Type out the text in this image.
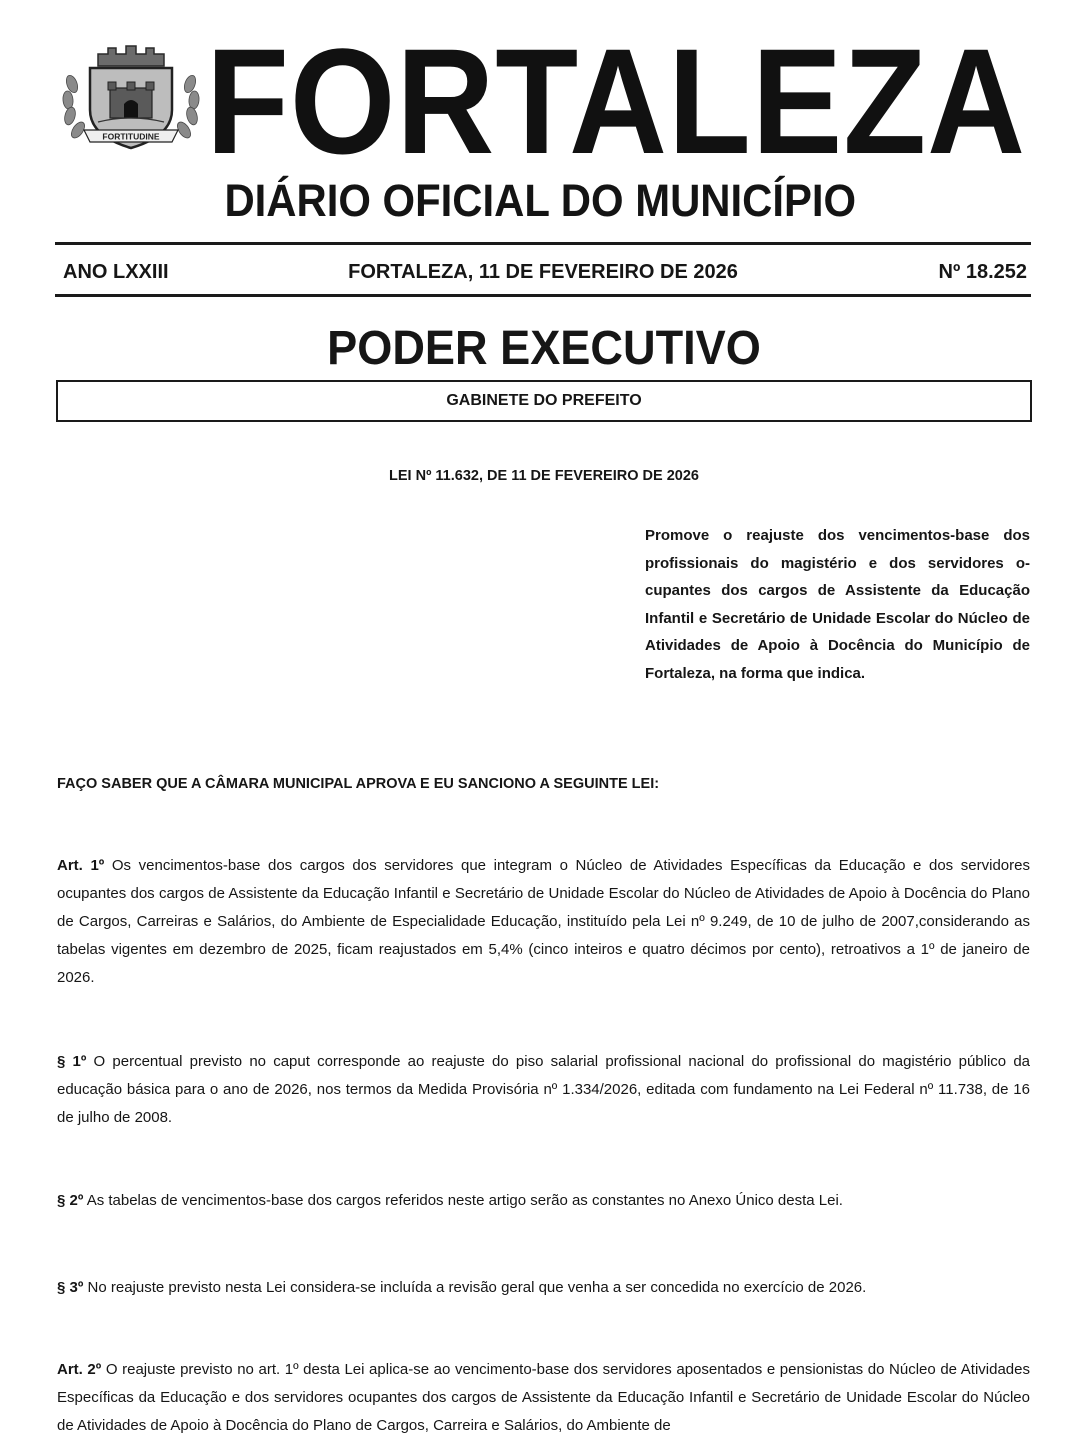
FORTITUDINE FORTALEZA
DIÁRIO OFICIAL DO MUNICÍPIO
ANO LXXIII	FORTALEZA, 11 DE FEVEREIRO DE 2026	Nº 18.252
PODER EXECUTIVO
GABINETE DO PREFEITO
LEI Nº 11.632, DE 11 DE FEVEREIRO DE 2026
Promove o reajuste dos vencimentos-base dos profissionais do magistério e dos servidores o-cupantes dos cargos de Assistente da Educação Infantil e Secretário de Unidade Escolar do Núcleo de Atividades de Apoio à Docência do Município de Fortaleza, na forma que indica.
FAÇO SABER QUE A CÂMARA MUNICIPAL APROVA E EU SANCIONO A SEGUINTE LEI:

Art. 1º Os vencimentos-base dos cargos dos servidores que integram o Núcleo de Atividades Específicas da Educação e dos servidores ocupantes dos cargos de Assistente da Educação Infantil e Secretário de Unidade Escolar do Núcleo de Atividades de Apoio à Docência do Plano de Cargos, Carreiras e Salários, do Ambiente de Especialidade Educação, instituído pela Lei nº 9.249, de 10 de julho de 2007,considerando as tabelas vigentes em dezembro de 2025, ficam reajustados em 5,4% (cinco inteiros e quatro décimos por cento), retroativos a 1º de janeiro de 2026.

§ 1º O percentual previsto no caput corresponde ao reajuste do piso salarial profissional nacional do profissional do magistério público da educação básica para o ano de 2026, nos termos da Medida Provisória nº 1.334/2026, editada com fundamento na Lei Federal nº 11.738, de 16 de julho de 2008.

§ 2º As tabelas de vencimentos-base dos cargos referidos neste artigo serão as constantes no Anexo Único desta Lei.

§ 3º No reajuste previsto nesta Lei considera-se incluída a revisão geral que venha a ser concedida no exercício de 2026.

Art. 2º O reajuste previsto no art. 1º desta Lei aplica-se ao vencimento-base dos servidores aposentados e pensionistas do Núcleo de Atividades Específicas da Educação e dos servidores ocupantes dos cargos de Assistente da Educação Infantil e Secretário de Unidade Escolar do Núcleo de Atividades de Apoio à Docência do Plano de Cargos, Carreira e Salários, do Ambiente de
